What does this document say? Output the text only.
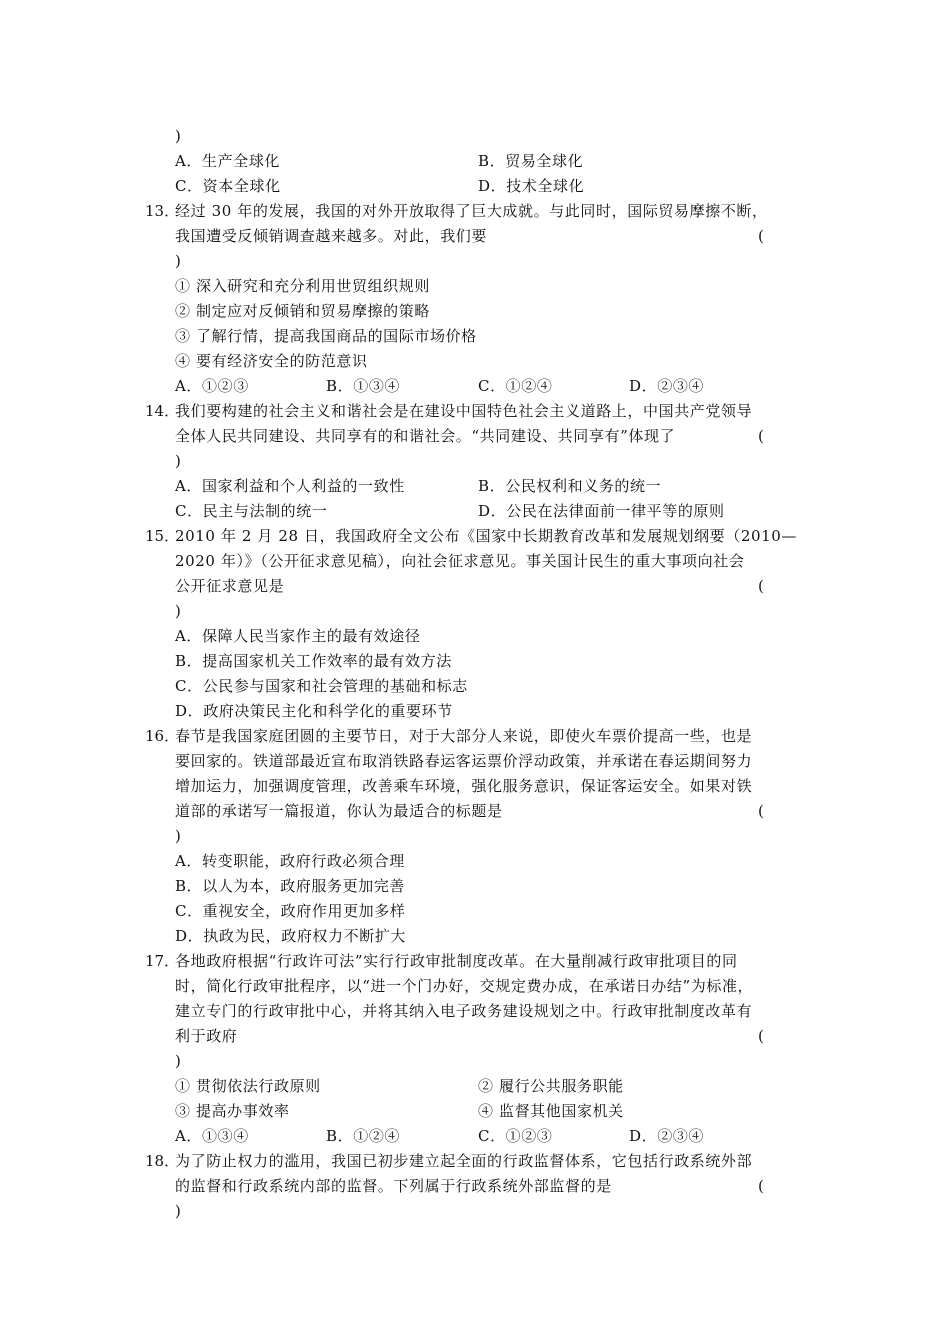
)
A．生产全球化	B．贸易全球化
C．资本全球化	D．技术全球化
13．
经过 30 年的发展，我国的对外开放取得了巨大成就。与此同时，国际贸易摩擦不断，
我国遭受反倾销调查越来越多。对此，我们要	(
)
① 深入研究和充分利用世贸组织规则
② 制定应对反倾销和贸易摩擦的策略
③ 了解行情，提高我国商品的国际市场价格
④ 要有经济安全的防范意识
A．①②③	B．①③④	C．①②④	D．②③④
14．
我们要构建的社会主义和谐社会是在建设中国特色社会主义道路上，中国共产党领导
全体人民共同建设、共同享有的和谐社会。“共同建设、共同享有”体现了	(
)
A．国家利益和个人利益的一致性	B．公民权利和义务的统一
C．民主与法制的统一	D．公民在法律面前一律平等的原则
15．
2010 年 2 月 28 日，我国政府全文公布《国家中长期教育改革和发展规划纲要（2010—
2020 年）》（公开征求意见稿），向社会征求意见。事关国计民生的重大事项向社会
公开征求意见是	(
)
A．保障人民当家作主的最有效途径
B．提高国家机关工作效率的最有效方法
C．公民参与国家和社会管理的基础和标志
D．政府决策民主化和科学化的重要环节
16．
春节是我国家庭团圆的主要节日，对于大部分人来说，即使火车票价提高一些，也是
要回家的。铁道部最近宣布取消铁路春运客运票价浮动政策，并承诺在春运期间努力
增加运力，加强调度管理，改善乘车环境，强化服务意识，保证客运安全。如果对铁
道部的承诺写一篇报道，你认为最适合的标题是	(
)
A．转变职能，政府行政必须合理
B．以人为本，政府服务更加完善
C．重视安全，政府作用更加多样
D．执政为民，政府权力不断扩大
17．
各地政府根据“行政许可法”实行行政审批制度改革。在大量削减行政审批项目的同
时，简化行政审批程序，以“进一个门办好，交规定费办成，在承诺日办结”为标准，
建立专门的行政审批中心，并将其纳入电子政务建设规划之中。行政审批制度改革有
利于政府	(
)
① 贯彻依法行政原则	② 履行公共服务职能
③ 提高办事效率	④ 监督其他国家机关
A．①③④	B．①②④	C．①②③	D．②③④
18．
为了防止权力的滥用，我国已初步建立起全面的行政监督体系，它包括行政系统外部
的监督和行政系统内部的监督。下列属于行政系统外部监督的是	(
)
